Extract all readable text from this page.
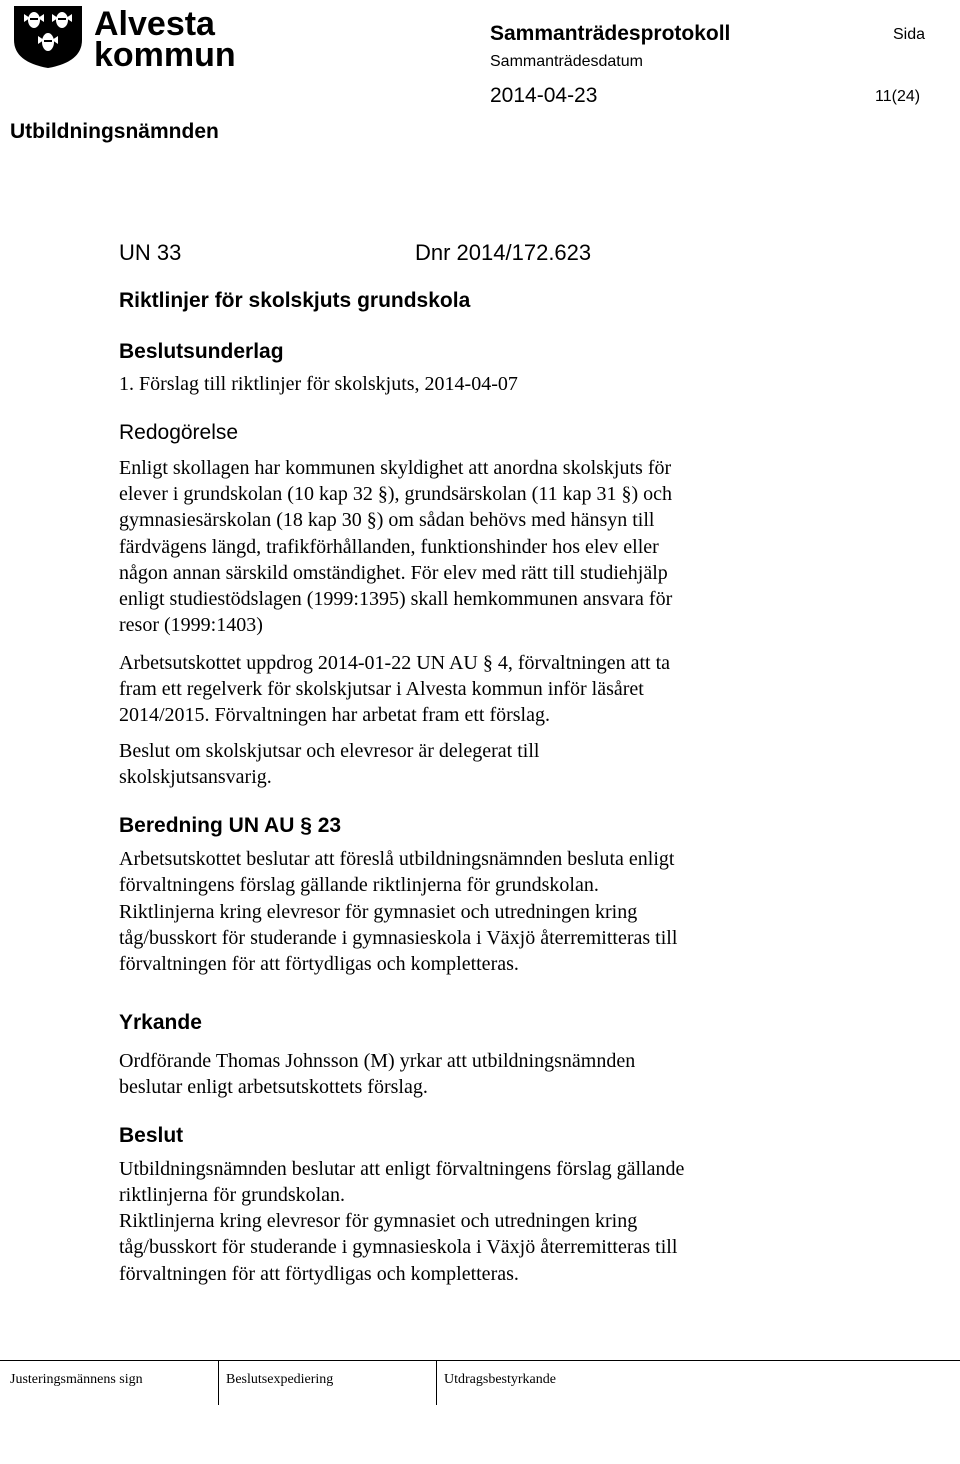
Alvesta
kommun
Sammanträdesprotokoll	Sida
Sammanträdesdatum
2014-04-23	11(24)
Utbildningsnämnden
UN 33	Dnr 2014/172.623
Riktlinjer för skolskjuts grundskola
Beslutsunderlag
1. Förslag till riktlinjer för skolskjuts, 2014-04-07
Redogörelse
Enligt skollagen har kommunen skyldighet att anordna skolskjuts för
elever i grundskolan (10 kap 32 §), grundsärskolan (11 kap 31 §) och
gymnasiesärskolan (18 kap 30 §) om sådan behövs med hänsyn till
färdvägens längd, trafikförhållanden, funktionshinder hos elev eller
någon annan särskild omständighet. För elev med rätt till studiehjälp
enligt studiestödslagen (1999:1395) skall hemkommunen ansvara för
resor (1999:1403)
Arbetsutskottet uppdrog 2014-01-22 UN AU § 4, förvaltningen att ta
fram ett regelverk för skolskjutsar i Alvesta kommun inför läsåret
2014/2015. Förvaltningen har arbetat fram ett förslag.
Beslut om skolskjutsar och elevresor är delegerat till
skolskjutsansvarig.
Beredning UN AU § 23
Arbetsutskottet beslutar att föreslå utbildningsnämnden besluta enligt
förvaltningens förslag gällande riktlinjerna för grundskolan.
Riktlinjerna kring elevresor för gymnasiet och utredningen kring
tåg/busskort för studerande i gymnasieskola i Växjö återremitteras till
förvaltningen för att förtydligas och kompletteras.
Yrkande
Ordförande Thomas Johnsson (M) yrkar att utbildningsnämnden
beslutar enligt arbetsutskottets förslag.
Beslut
Utbildningsnämnden beslutar att enligt förvaltningens förslag gällande
riktlinjerna för grundskolan.
Riktlinjerna kring elevresor för gymnasiet och utredningen kring
tåg/busskort för studerande i gymnasieskola i Växjö återremitteras till
förvaltningen för att förtydligas och kompletteras.
Justeringsmännens sign	Beslutsexpediering	Utdragsbestyrkande
